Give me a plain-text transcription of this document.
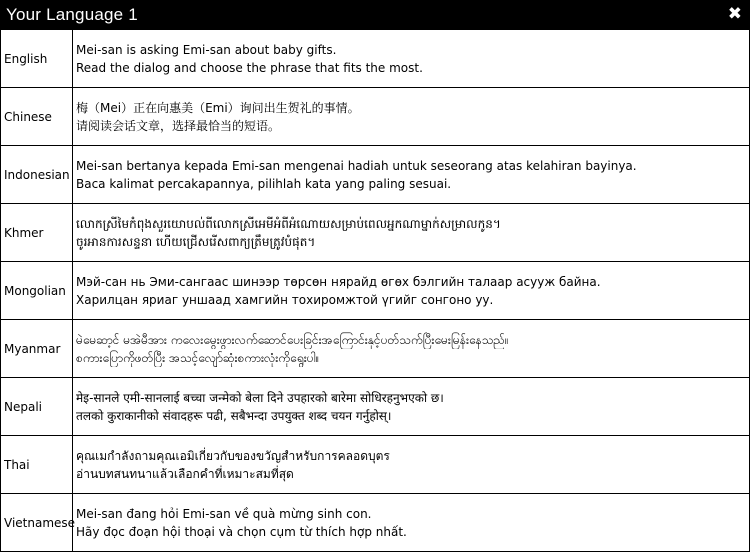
Your Language 1	✖
English	Mei-san is asking Emi-san about baby gifts.
Read the dialog and choose the phrase that fits the most.

Chinese	梅（Mei）正在向惠美（Emi）询问出生贺礼的事情。
请阅读会话文章，选择最恰当的短语。

Indonesian	Mei-san bertanya kepada Emi-san mengenai hadiah untuk seseorang atas kelahiran bayinya.
Baca kalimat percakapannya, pilihlah kata yang paling sesuai.

Khmer	លោកស្រីមៃកំពុងសួរយោបល់ពីលោកស្រីអេមីអំពីអំណោយសម្រាប់ពេលអ្នកណាម្នាក់សម្រាលកូន។
ចូរអានការសន្ទនា ហើយជ្រើសរើសពាក្យត្រឹមត្រូវបំផុត។

Mongolian	Мэй-сан нь Эми-сангаас шинээр төрсөн нярайд өгөх бэлгийн талаар асууж байна.
Харилцан яриаг уншаад хамгийн тохиромжтой үгийг сонгоно уу.

Myanmar	မဲမေဆာ့င် မအဲမီအား ကလေးမွေးဖွားလက်ဆောင်ပေးခြင်းအကြောင်းနှင့်ပတ်သက်ပြီးမေးမြန်းနေသည်။
စကားပြောကိုဖတ်ပြီး အသင့်လျော်ဆုံးစကားလုံးကိုရွေးပါ။

Nepali	मेइ-सानले एमी-सानलाई बच्चा जन्मेको बेला दिने उपहारको बारेमा सोधिरहनुभएको छ।
तलको कुराकानीको संवादहरू पढी, सबैभन्दा उपयुक्त शब्द चयन गर्नुहोस्।

Thai	คุณเมกำลังถามคุณเอมิเกี่ยวกับของขวัญสำหรับการคลอดบุตร
อ่านบทสนทนาแล้วเลือกคำที่เหมาะสมที่สุด

Vietnamese	Mei-san đang hỏi Emi-san về quà mừng sinh con.
Hãy đọc đoạn hội thoại và chọn cụm từ thích hợp nhất.
